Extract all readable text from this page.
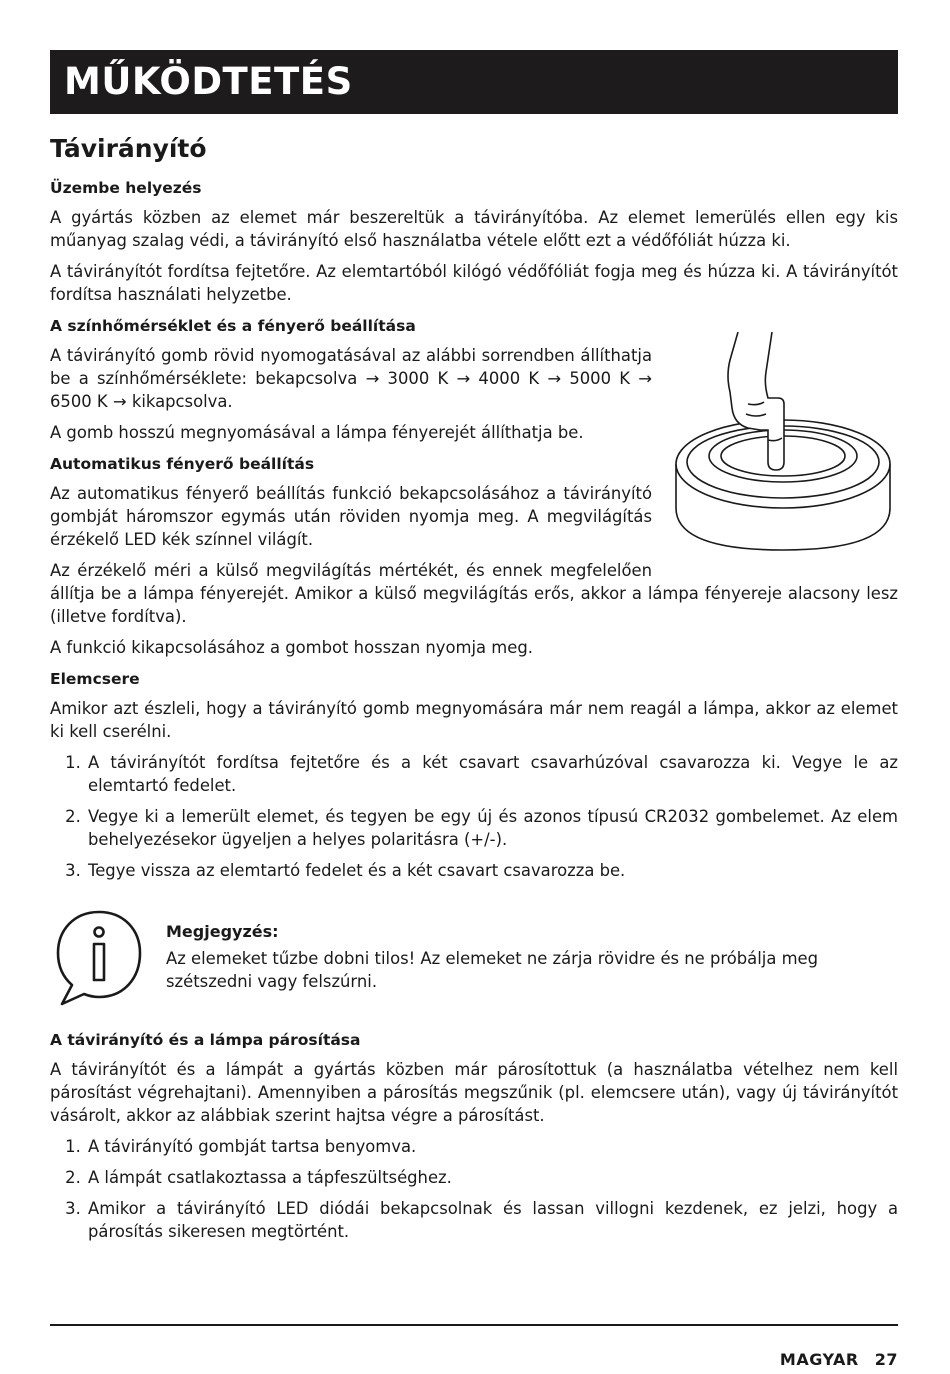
MŰKÖDTETÉS
Távirányító
Üzembe helyezés

A gyártás közben az elemet már beszereltük a távirányítóba. Az elemet lemerülés ellen egy kis műanyag szalag védi, a távirányító első használatba vétele előtt ezt a védőfóliát húzza ki.

A távirányítót fordítsa fejtetőre. Az elemtartóból kilógó védőfóliát fogja meg és húzza ki. A távirányítót fordítsa használati helyzetbe.

A színhőmérséklet és a fényerő beállítása

A távirányító gomb rövid nyomogatásával az alábbi sorrendben állíthatja be a színhőmérséklete: bekapcsolva → 3000 K → 4000 K → 5000 K → 6500 K → kikapcsolva.

A gomb hosszú megnyomásával a lámpa fényerejét állíthatja be.

Automatikus fényerő beállítás

Az automatikus fényerő beállítás funkció bekapcsolásához a távirányító gombját háromszor egymás után röviden nyomja meg. A megvilágítás érzékelő LED kék színnel világít.

Az érzékelő méri a külső megvilágítás mértékét, és ennek megfelelően állítja be a lámpa fényerejét. Amikor a külső megvilágítás erős, akkor a lámpa fényereje alacsony lesz (illetve fordítva).

A funkció kikapcsolásához a gombot hosszan nyomja meg.

Elemcsere

Amikor azt észleli, hogy a távirányító gomb megnyomására már nem reagál a lámpa, akkor az elemet ki kell cserélni.

1. A távirányítót fordítsa fejtetőre és a két csavart csavarhúzóval csavarozza ki. Vegye le az elemtartó fedelet.
2. Vegye ki a lemerült elemet, és tegyen be egy új és azonos típusú CR2032 gombelemet. Az elem behelyezésekor ügyeljen a helyes polaritásra (+/-).
3. Tegye vissza az elemtartó fedelet és a két csavart csavarozza be.
Megjegyzés:

Az elemeket tűzbe dobni tilos! Az elemeket ne zárja rövidre és ne próbálja meg szétszedni vagy felszúrni.

A távirányító és a lámpa párosítása

A távirányítót és a lámpát a gyártás közben már párosítottuk (a használatba vételhez nem kell párosítást végrehajtani). Amennyiben a párosítás megszűnik (pl. elemcsere után), vagy új távirányítót vásárolt, akkor az alábbiak szerint hajtsa végre a párosítást.

1. A távirányító gombját tartsa benyomva.
2. A lámpát csatlakoztassa a tápfeszültséghez.
3. Amikor a távirányító LED diódái bekapcsolnak és lassan villogni kezdenek, ez jelzi, hogy a párosítás sikeresen megtörtént.
MAGYAR 27
